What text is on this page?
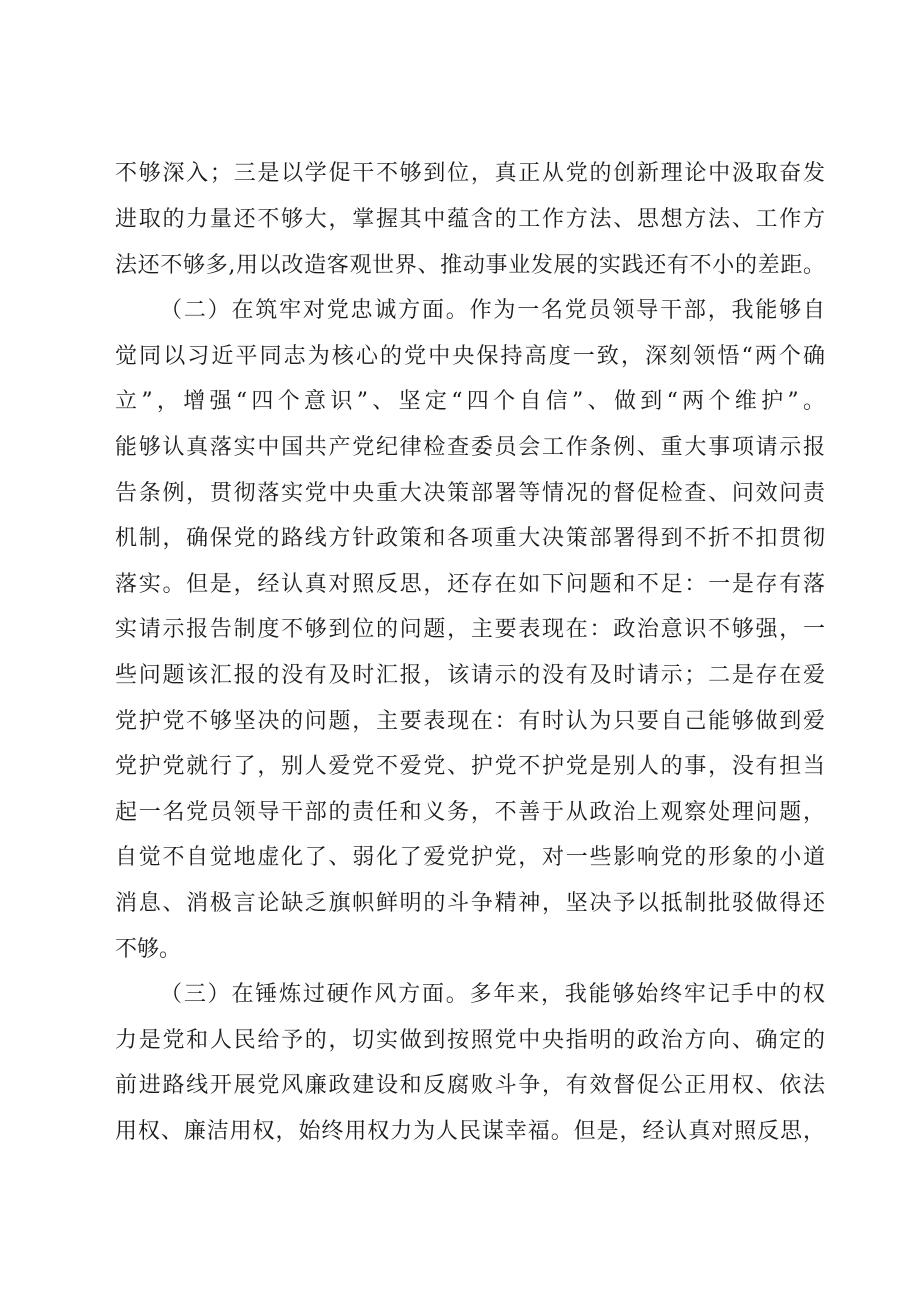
不够深入；三是以学促干不够到位，真正从党的创新理论中汲取奋发
进取的力量还不够大，掌握其中蕴含的工作方法、思想方法、工作方
法还不够多,用以改造客观世界、推动事业发展的实践还有不小的差距。
（二）在筑牢对党忠诚方面。作为一名党员领导干部，我能够自
觉同以习近平同志为核心的党中央保持高度一致，深刻领悟“两个确
立”，增强“四个意识”、坚定“四个自信”、做到“两个维护”。
能够认真落实中国共产党纪律检查委员会工作条例、重大事项请示报
告条例，贯彻落实党中央重大决策部署等情况的督促检查、问效问责
机制，确保党的路线方针政策和各项重大决策部署得到不折不扣贯彻
落实。但是，经认真对照反思，还存在如下问题和不足：一是存有落
实请示报告制度不够到位的问题，主要表现在：政治意识不够强，一
些问题该汇报的没有及时汇报，该请示的没有及时请示；二是存在爱
党护党不够坚决的问题，主要表现在：有时认为只要自己能够做到爱
党护党就行了，别人爱党不爱党、护党不护党是别人的事，没有担当
起一名党员领导干部的责任和义务，不善于从政治上观察处理问题，
自觉不自觉地虚化了、弱化了爱党护党，对一些影响党的形象的小道
消息、消极言论缺乏旗帜鲜明的斗争精神，坚决予以抵制批驳做得还
不够。
（三）在锤炼过硬作风方面。多年来，我能够始终牢记手中的权
力是党和人民给予的，切实做到按照党中央指明的政治方向、确定的
前进路线开展党风廉政建设和反腐败斗争，有效督促公正用权、依法
用权、廉洁用权，始终用权力为人民谋幸福。但是，经认真对照反思，
